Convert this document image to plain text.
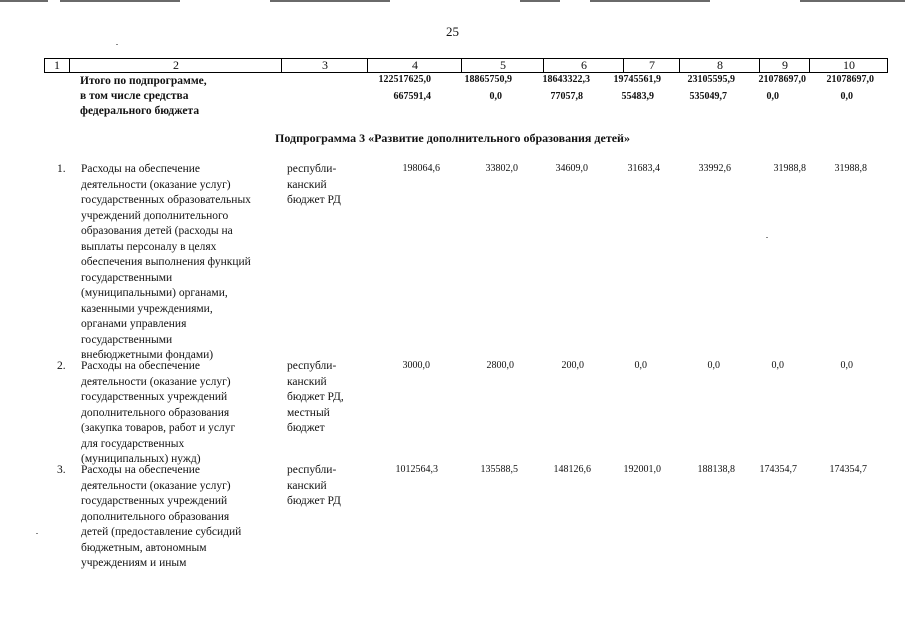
25
1	2	3	4	5	6	7	8	9	10
Итого по подпрограмме,
в том числе средства
федерального бюджета
122517625,0	18865750,9	18643322,3 19745561,9	23105595,9 21078697,0 21078697,0
667591,4	0,0	77057,8	55483,9	535049,7	0,0	0,0
Подпрограмма 3 «Развитие дополнительного образования детей»
1. Расходы на обеспечение
деятельности (оказание услуг)
государственных образовательных
учреждений дополнительного
образования детей (расходы на
выплаты персоналу в целях
обеспечения выполнения функций
государственными
(муниципальными) органами,
казенными учреждениями,
органами управления
государственными
внебюджетными фондами)
республи-
канский
бюджет РД
198064,6	33802,0	34609,0	31683,4	33992,6	31988,8	31988,8
2. Расходы на обеспечение
деятельности (оказание услуг)
государственных учреждений
дополнительного образования
(закупка товаров, работ и услуг
для государственных
(муниципальных) нужд)
республи-
канский
бюджет РД,
местный
бюджет
3000,0	2800,0	200,0	0,0	0,0	0,0	0,0
3. Расходы на обеспечение
деятельности (оказание услуг)
государственных учреждений
дополнительного образования
детей (предоставление субсидий
бюджетным, автономным
учреждениям и иным
республи-
канский
бюджет РД
1012564,3	135588,5	148126,6	192001,0	188138,8 174354,7	174354,7
